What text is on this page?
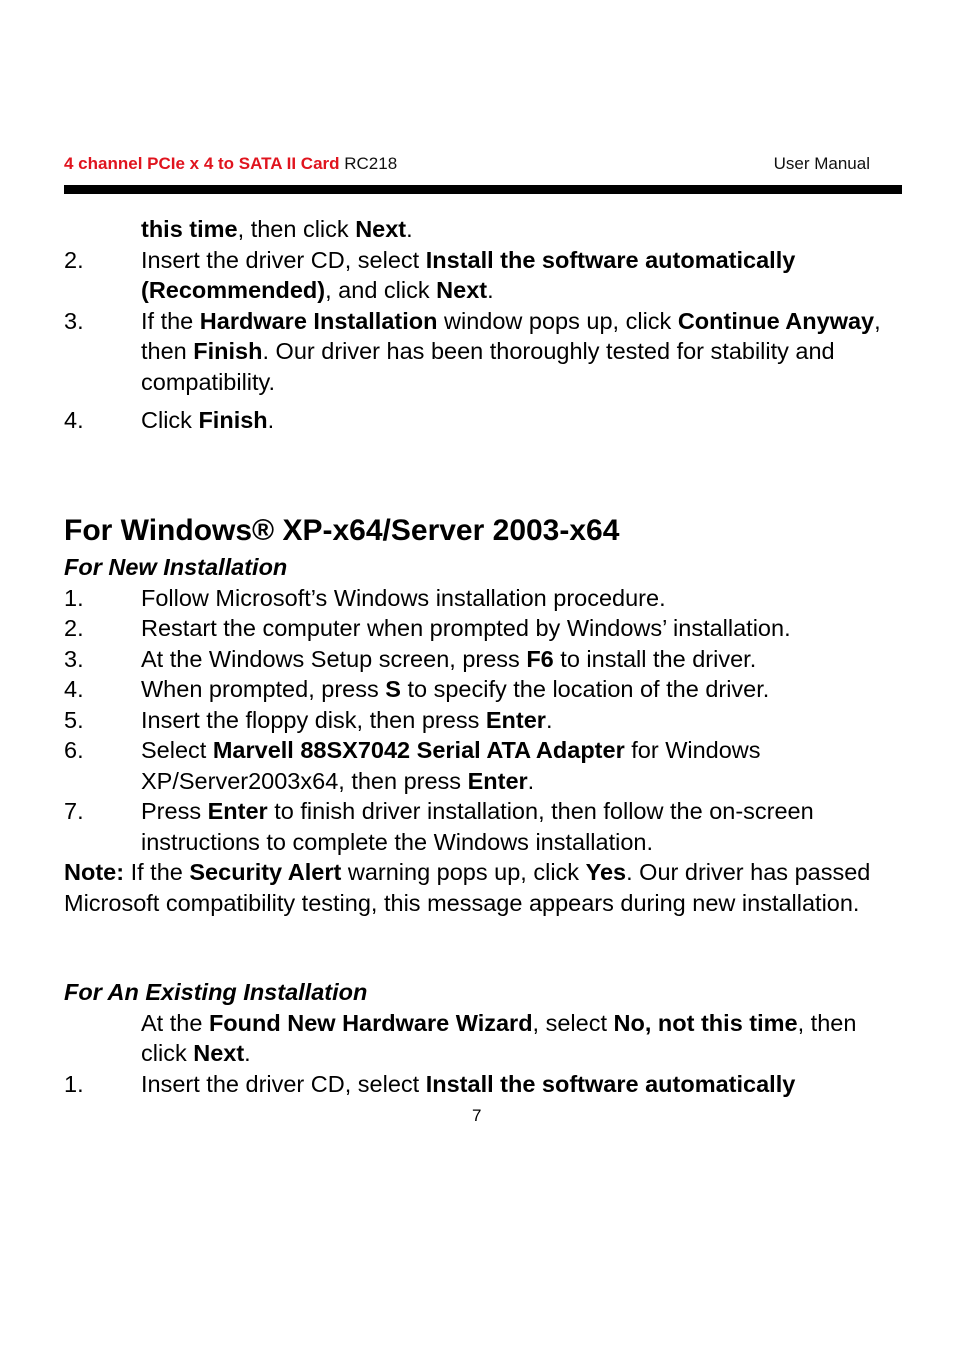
4 channel PCIe x 4 to SATA II Card RC218	User Manual
this time, then click Next.
2. Insert the driver CD, select Install the software automatically (Recommended), and click Next.
3. If the Hardware Installation window pops up, click Continue Anyway, then Finish. Our driver has been thoroughly tested for stability and compatibility.
4. Click Finish.
For Windows® XP-x64/Server 2003-x64
For New Installation
1. Follow Microsoft’s Windows installation procedure.
2. Restart the computer when prompted by Windows’ installation.
3. At the Windows Setup screen, press F6 to install the driver.
4. When prompted, press S to specify the location of the driver.
5. Insert the floppy disk, then press Enter.
6. Select Marvell 88SX7042 Serial ATA Adapter for Windows XP/Server2003x64, then press Enter.
7. Press Enter to finish driver installation, then follow the on-screen instructions to complete the Windows installation.
Note: If the Security Alert warning pops up, click Yes. Our driver has passed Microsoft compatibility testing, this message appears during new installation.
For An Existing Installation
At the Found New Hardware Wizard, select No, not this time, then click Next.
1. Insert the driver CD, select Install the software automatically
7
